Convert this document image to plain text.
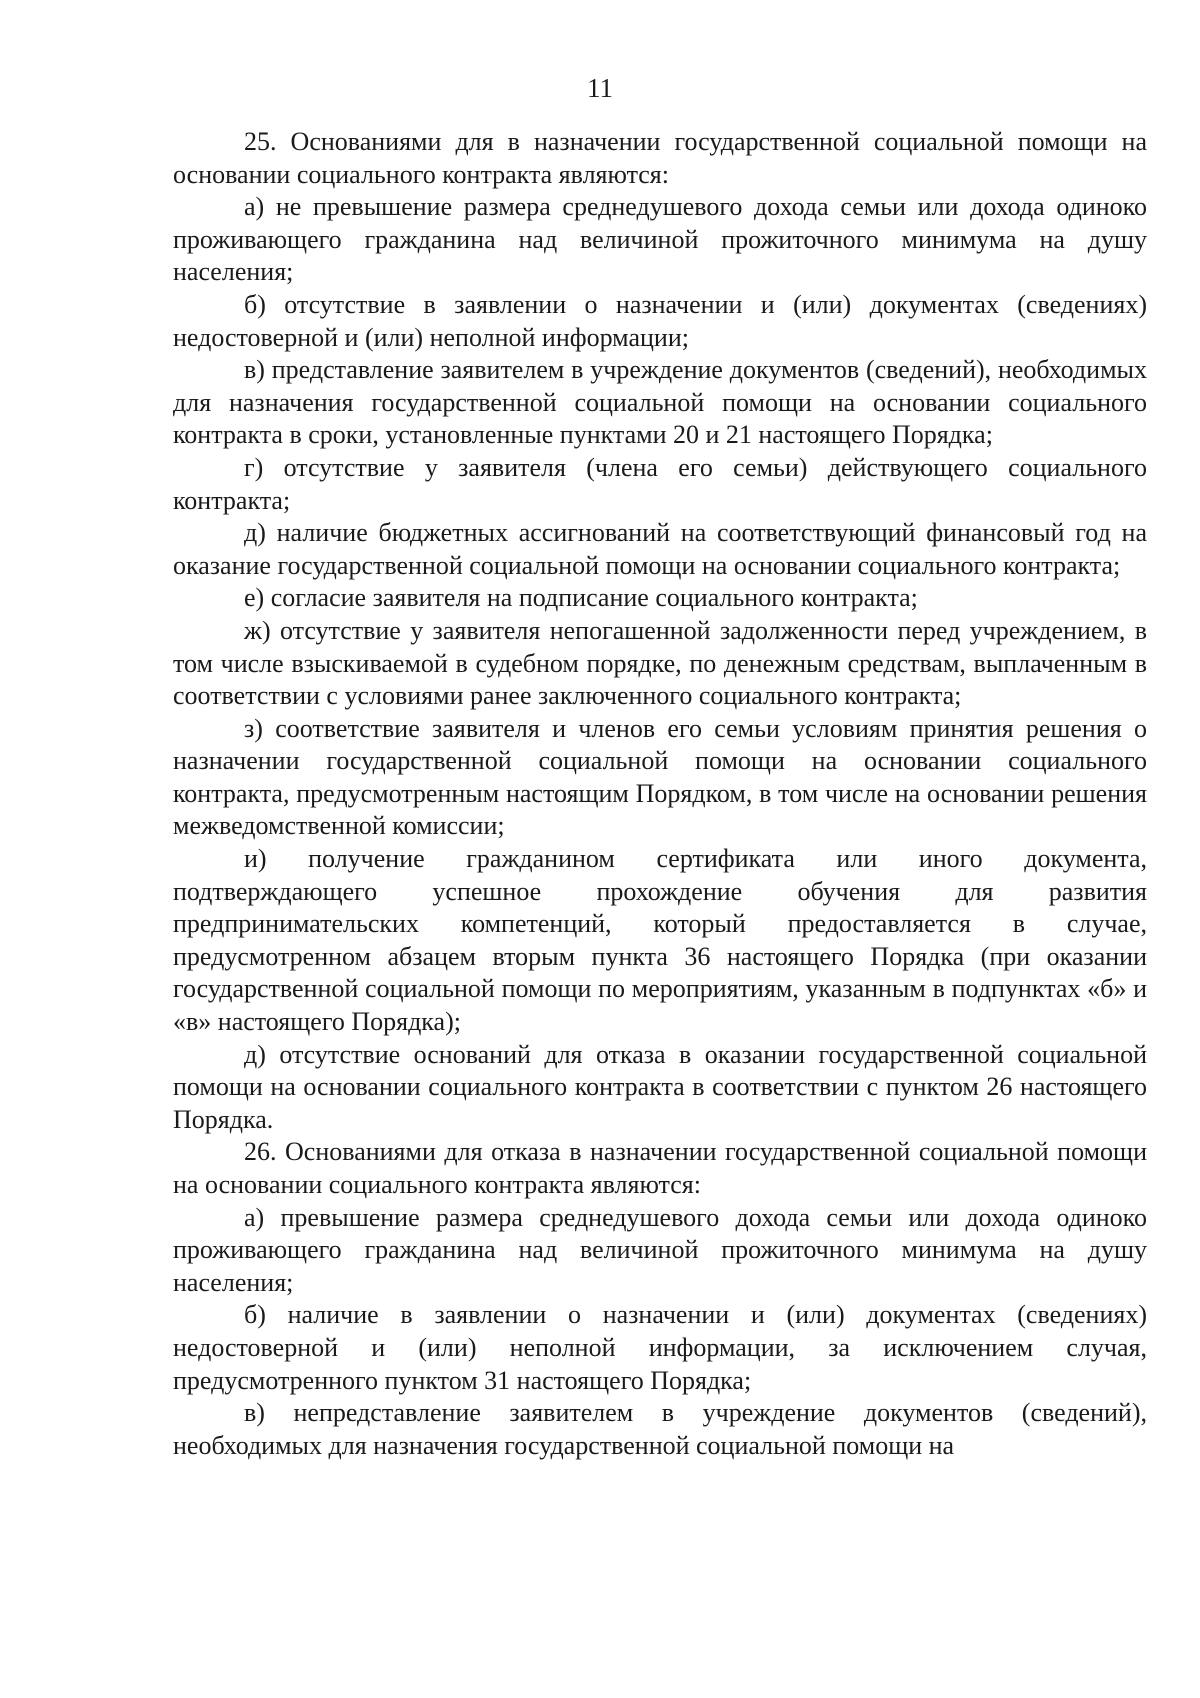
11

25. Основаниями для в назначении государственной социальной помощи на основании социального контракта являются:

а) не превышение размера среднедушевого дохода семьи или дохода одиноко проживающего гражданина над величиной прожиточного минимума на душу населения;

б) отсутствие в заявлении о назначении и (или) документах (сведениях) недостоверной и (или) неполной информации;

в) представление заявителем в учреждение документов (сведений), необходимых для назначения государственной социальной помощи на основании социального контракта в сроки, установленные пунктами 20 и 21 настоящего Порядка;

г) отсутствие у заявителя (члена его семьи) действующего социального контракта;

д) наличие бюджетных ассигнований на соответствующий финансовый год на оказание государственной социальной помощи на основании социального контракта;

е) согласие заявителя на подписание социального контракта;

ж) отсутствие у заявителя непогашенной задолженности перед учреждением, в том числе взыскиваемой в судебном порядке, по денежным средствам, выплаченным в соответствии с условиями ранее заключенного социального контракта;

з) соответствие заявителя и членов его семьи условиям принятия решения о назначении государственной социальной помощи на основании социального контракта, предусмотренным настоящим Порядком, в том числе на основании решения межведомственной комиссии;

и) получение гражданином сертификата или иного документа, подтверждающего успешное прохождение обучения для развития предпринимательских компетенций, который предоставляется в случае, предусмотренном абзацем вторым пункта 36 настоящего Порядка (при оказании государственной социальной помощи по мероприятиям, указанным в подпунктах «б» и «в» настоящего Порядка);

д) отсутствие оснований для отказа в оказании государственной социальной помощи на основании социального контракта в соответствии с пунктом 26 настоящего Порядка.

26. Основаниями для отказа в назначении государственной социальной помощи на основании социального контракта являются:

а) превышение размера среднедушевого дохода семьи или дохода одиноко проживающего гражданина над величиной прожиточного минимума на душу населения;

б) наличие в заявлении о назначении и (или) документах (сведениях) недостоверной и (или) неполной информации, за исключением случая, предусмотренного пунктом 31 настоящего Порядка;

в) непредставление заявителем в учреждение документов (сведений), необходимых для назначения государственной социальной помощи на
